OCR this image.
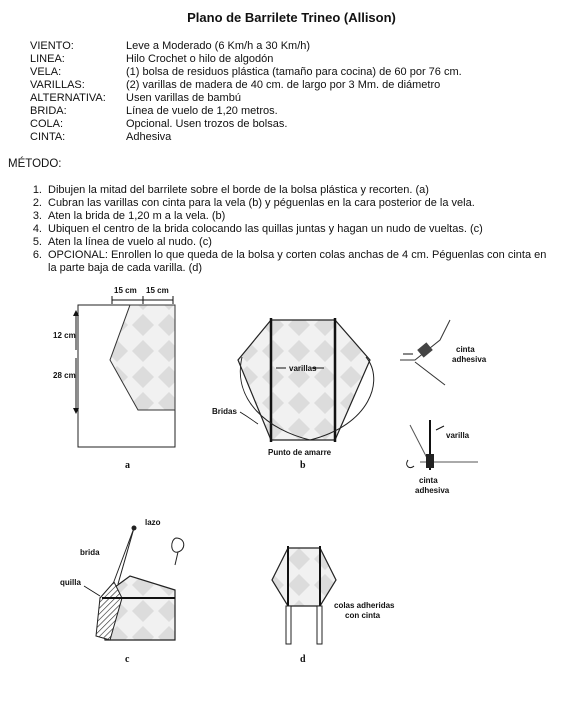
Plano de Barrilete Trineo (Allison)
VIENTO:	Leve a Moderado (6 Km/h a 30 Km/h)
LINEA:	Hilo Crochet o hilo de algodón
VELA:	(1) bolsa de residuos plástica (tamaño para cocina) de 60 por 76 cm.
VARILLAS:	(2) varillas de madera de 40 cm. de largo por 3 Mm. de diámetro
ALTERNATIVA: Usen varillas de bambú
BRIDA:	Línea de vuelo de 1,20 metros.
COLA:	Opcional. Usen trozos de bolsas.
CINTA:	Adhesiva
MÉTODO:
1. Dibujen la mitad del barrilete sobre el borde de la bolsa plástica y recorten. (a)
2. Cubran las varillas con cinta para la vela (b) y péguenlas en la cara posterior de la vela.
3. Aten la brida de 1,20 m a la vela. (b)
4. Ubiquen el centro de la brida colocando las quillas juntas y hagan un nudo de vueltas. (c)
5. Aten la línea de vuelo al nudo. (c)
6. OPCIONAL: Enrollen lo que queda de la bolsa y corten colas anchas de 4 cm. Péguenlas con cinta en la parte baja de cada varilla. (d)
15 cm 15 cm
12 cm
28 cm
a
varillas
Bridas
Punto de amarre
b
cinta
adhesiva
varilla
cinta
adhesiva
lazo
brida
quilla
c
colas adheridas
con cinta
d
